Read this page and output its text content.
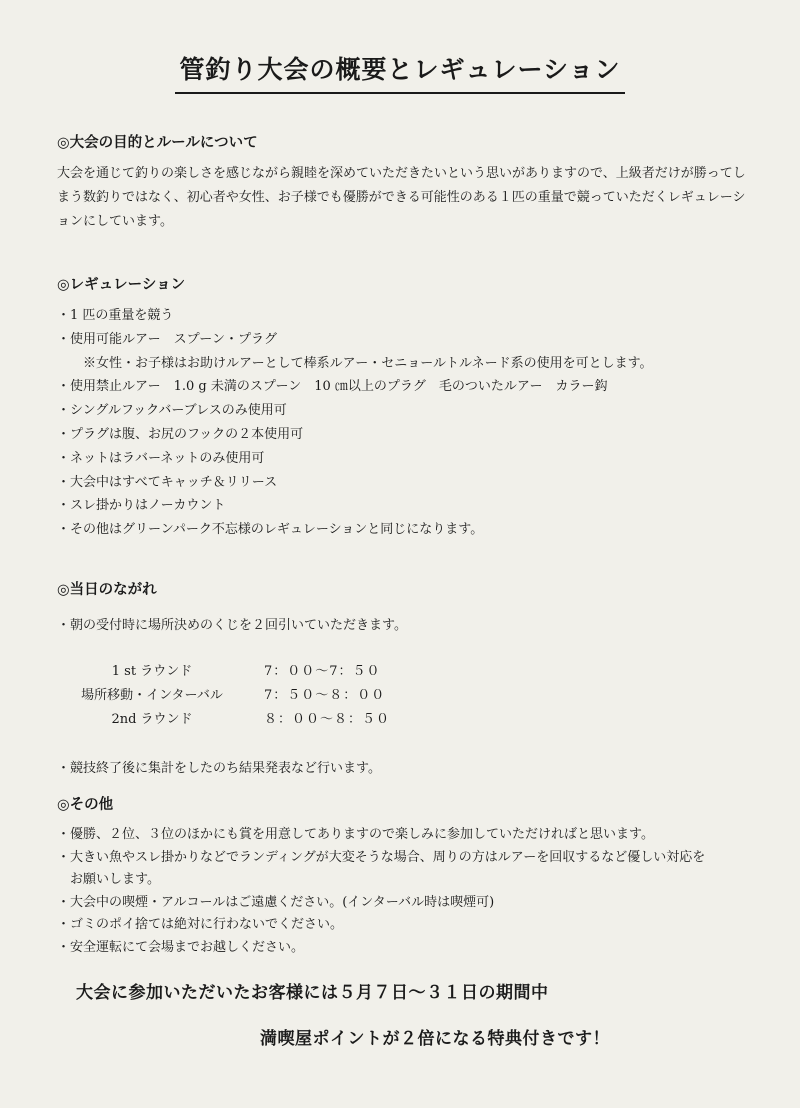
管釣り大会の概要とレギュレーション
◎大会の目的とルールについて

大会を通じて釣りの楽しさを感じながら親睦を深めていただきたいという思いがありますので、上級者だけが勝ってしまう数釣りではなく、初心者や女性、お子様でも優勝ができる可能性のある１匹の重量で競っていただくレギュレーションにしています。

◎レギュレーション
・1 匹の重量を競う
・使用可能ルアー　スプーン・プラグ
※女性・お子様はお助けルアーとして棒系ルアー・セニョールトルネード系の使用を可とします。
・使用禁止ルアー　1.0 g 未満のスプーン　10 ㎝以上のプラグ　毛のついたルアー　カラー鈎
・シングルフックバーブレスのみ使用可
・プラグは腹、お尻のフックの２本使用可
・ネットはラバーネットのみ使用可
・大会中はすべてキャッチ＆リリース
・スレ掛かりはノーカウント
・その他はグリーンパーク不忘様のレギュレーションと同じになります。
◎当日のながれ
・朝の受付時に場所決めのくじを２回引いていただきます。
1 st ラウンド	7：００～7：５０
場所移動・インターバル	7：５０～８：００
2nd ラウンド	８：００～８：５０
・競技終了後に集計をしたのち結果発表など行います。
◎その他
・優勝、２位、３位のほかにも賞を用意してありますので楽しみに参加していただければと思います。
・大きい魚やスレ掛かりなどでランディングが大変そうな場合、周りの方はルアーを回収するなど優しい対応を
お願いします。
・大会中の喫煙・アルコールはご遠慮ください。(インターバル時は喫煙可)
・ゴミのポイ捨ては絶対に行わないでください。
・安全運転にて会場までお越しください。
大会に参加いただいたお客様には５月７日～３１日の期間中
満喫屋ポイントが２倍になる特典付きです！
